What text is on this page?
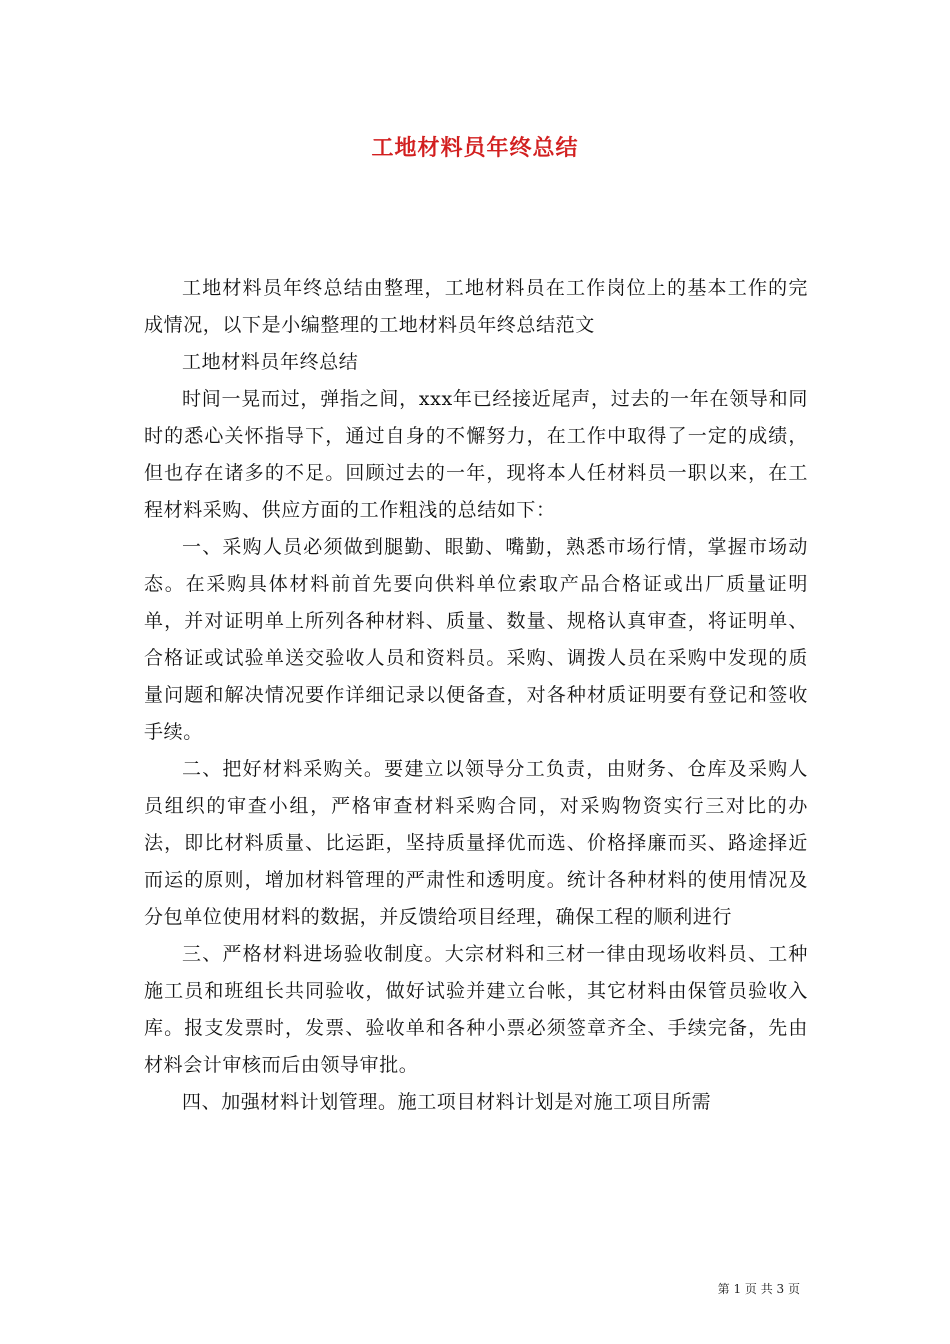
工地材料员年终总结

工地材料员年终总结由整理，工地材料员在工作岗位上的基本工作的完成情况，以下是小编整理的工地材料员年终总结范文

工地材料员年终总结

时间一晃而过，弹指之间，xxx年已经接近尾声，过去的一年在领导和同时的悉心关怀指导下，通过自身的不懈努力，在工作中取得了一定的成绩，但也存在诸多的不足。回顾过去的一年，现将本人任材料员一职以来，在工程材料采购、供应方面的工作粗浅的总结如下：

一、采购人员必须做到腿勤、眼勤、嘴勤，熟悉市场行情，掌握市场动态。在采购具体材料前首先要向供料单位索取产品合格证或出厂质量证明单，并对证明单上所列各种材料、质量、数量、规格认真审查，将证明单、合格证或试验单送交验收人员和资料员。采购、调拨人员在采购中发现的质量问题和解决情况要作详细记录以便备查，对各种材质证明要有登记和签收手续。

二、把好材料采购关。要建立以领导分工负责，由财务、仓库及采购人员组织的审查小组，严格审查材料采购合同，对采购物资实行三对比的办法，即比材料质量、比运距，坚持质量择优而选、价格择廉而买、路途择近而运的原则，增加材料管理的严肃性和透明度。统计各种材料的使用情况及分包单位使用材料的数据，并反馈给项目经理，确保工程的顺利进行

三、严格材料进场验收制度。大宗材料和三材一律由现场收料员、工种施工员和班组长共同验收，做好试验并建立台帐，其它材料由保管员验收入库。报支发票时，发票、验收单和各种小票必须签章齐全、手续完备，先由材料会计审核而后由领导审批。

四、加强材料计划管理。施工项目材料计划是对施工项目所需

第 1 页 共 3 页
